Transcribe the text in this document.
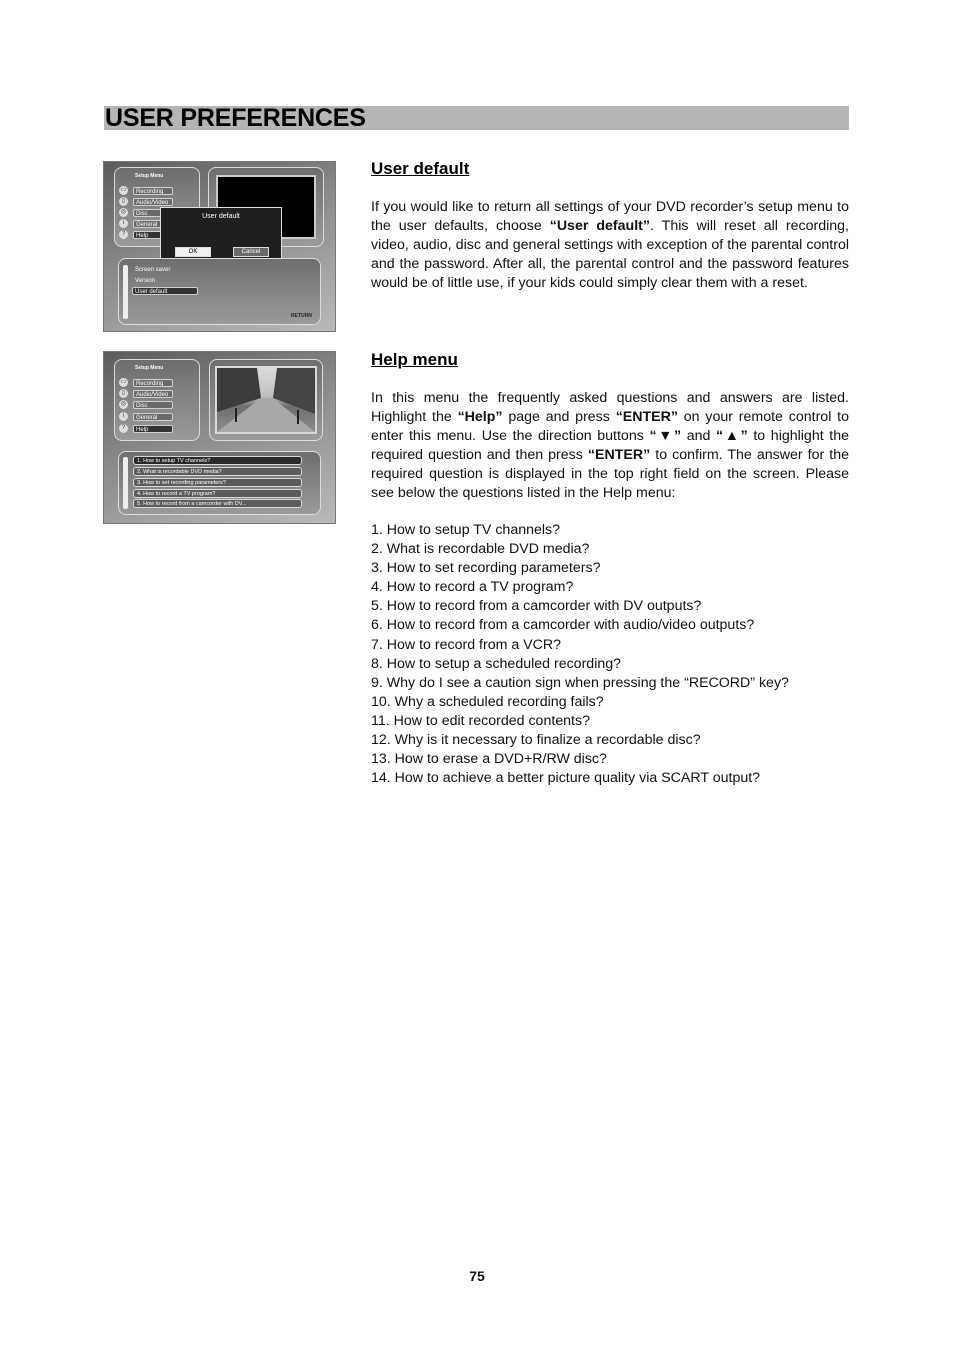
USER PREFERENCES
Setup Menu
▭	Recording
▯	Audio/Video
◎	Disc
i	General
?	Help
User default
OK	Cancel
Screen saver
Version
User default
RETURN
Setup Menu
▭	Recording
▯	Audio/Video
◎	Disc
i	General
?	Help
1. How to setup TV channels?
2. What is recordable DVD media?
3. How to set recording parameters?
4. How to record a TV program?
5. How to record from a camcorder with DV...
User default

If you would like to return all settings of your DVD recorder’s setup menu to the user defaults, choose “User default”. This will reset all recording, video, audio, disc and general settings with exception of the parental control and the password. After all, the parental control and the password features would be of little use, if your kids could simply clear them with a reset.

Help menu

In this menu the frequently asked questions and answers are listed. Highlight the “Help” page and press “ENTER” on your remote control to enter this menu. Use the direction buttons “▼” and “▲” to highlight the required question and then press “ENTER” to confirm. The answer for the required question is displayed in the top right field on the screen. Please see below the questions listed in the Help menu:

1. How to setup TV channels?
2. What is recordable DVD media?
3. How to set recording parameters?
4. How to record a TV program?
5. How to record from a camcorder with DV outputs?
6. How to record from a camcorder with audio/video outputs?
7. How to record from a VCR?
8. How to setup a scheduled recording?
9. Why do I see a caution sign when pressing the “RECORD” key?
10. Why a scheduled recording fails?
11. How to edit recorded contents?
12. Why is it necessary to finalize a recordable disc?
13. How to erase a DVD+R/RW disc?
14. How to achieve a better picture quality via SCART output?
75
